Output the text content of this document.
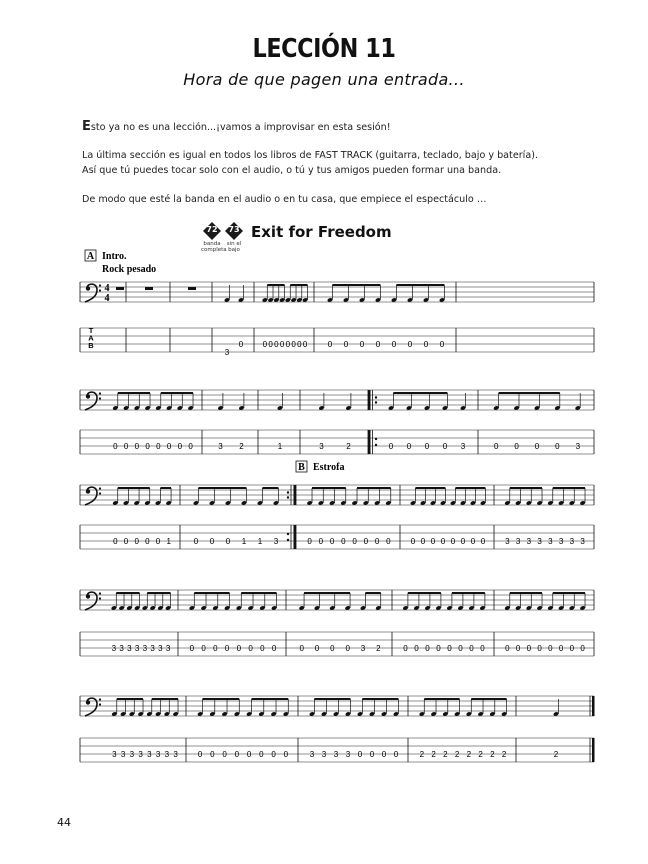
LECCIÓN 11
Hora de que pagen una entrada...
Esto ya no es una lección...¡vamos a improvisar en esta sesión!
La última sección es igual en todos los libros de FAST TRACK (guitarra, teclado, bajo y batería).
Así que tú puedes tocar solo con el audio, o tú y tus amigos pueden formar una banda.
De modo que esté la banda en el audio o en tu casa, que empiece el espectáculo …
72
banda
completa
73
sin el
bajo
Exit for Freedom
4
4
T
A
B
3
0 0 0 0 0 0 0 0 0	0 0 0 0 0 0 0 0
0 0 0 0 0 0 0 0	3 2	1	3	2	0 0 0 0 3	0 0 0 0 3
0 0 0 0 0 1	0 0 0 1 1 3	0 0 0 0 0 0 0 0	0 0 0 0 0 0 0 0 3 3 3 3 3 3 3 3
3 3 3 3 3 3 3 3 0 0 0 0 0 0 0 0	0 0 0 0 3 2	0 0 0 0 0 0 0 0	0 0 0 0 0 0 0 0
3 3 3 3 3 3 3 3	0 0 0 0 0 0 0 0	3 3 3 3 0 0 0 0	2 2 2 2 2 2 2 2	2
A Intro.
Rock pesado
B Estrofa
44
